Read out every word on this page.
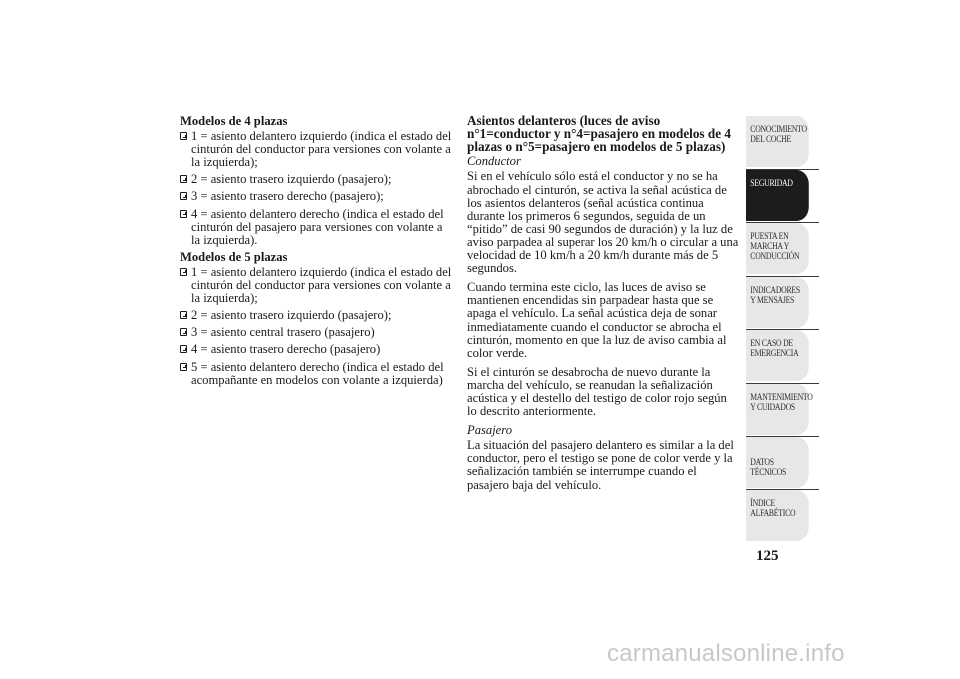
Modelos de 4 plazas
1 = asiento delantero izquierdo (indica el estado del cinturón del conductor para versiones con volante a la izquierda);
2 = asiento trasero izquierdo (pasajero);
3 = asiento trasero derecho (pasajero);
4 = asiento delantero derecho (indica el estado del cinturón del pasajero para versiones con volante a la izquierda).
Modelos de 5 plazas
1 = asiento delantero izquierdo (indica el estado del cinturón del conductor para versiones con volante a la izquierda);
2 = asiento trasero izquierdo (pasajero);
3 = asiento central trasero (pasajero)
4 = asiento trasero derecho (pasajero)
5 = asiento delantero derecho (indica el estado del acompañante en modelos con volante a izquierda)
Asientos delanteros (luces de aviso n°1=conductor y n°4=pasajero en modelos de 4 plazas o n°5=pasajero en modelos de 5 plazas)
Conductor
Si en el vehículo sólo está el conductor y no se ha abrochado el cinturón, se activa la señal acústica de los asientos delanteros (señal acústica continua durante los primeros 6 segundos, seguida de un “pitido” de casi 90 segundos de duración) y la luz de aviso parpadea al superar los 20 km/h o circular a una velocidad de 10 km/h a 20 km/h durante más de 5 segundos.
Cuando termina este ciclo, las luces de aviso se mantienen encendidas sin parpadear hasta que se apaga el vehículo. La señal acústica deja de sonar inmediatamente cuando el conductor se abrocha el cinturón, momento en que la luz de aviso cambia al color verde.
Si el cinturón se desabrocha de nuevo durante la marcha del vehículo, se reanudan la señalización acústica y el destello del testigo de color rojo según lo descrito anteriormente.
Pasajero
La situación del pasajero delantero es similar a la del conductor, pero el testigo se pone de color verde y la señalización también se interrumpe cuando el pasajero baja del vehículo.
CONOCIMIENTO DEL COCHE
SEGURIDAD
PUESTA EN MARCHA Y CONDUCCIÓN
INDICADORES Y MENSAJES
EN CASO DE EMERGENCIA
MANTENIMIENTO Y CUIDADOS
DATOS TÉCNICOS
ÍNDICE ALFABÉTICO
125
carmanualsonline.info
